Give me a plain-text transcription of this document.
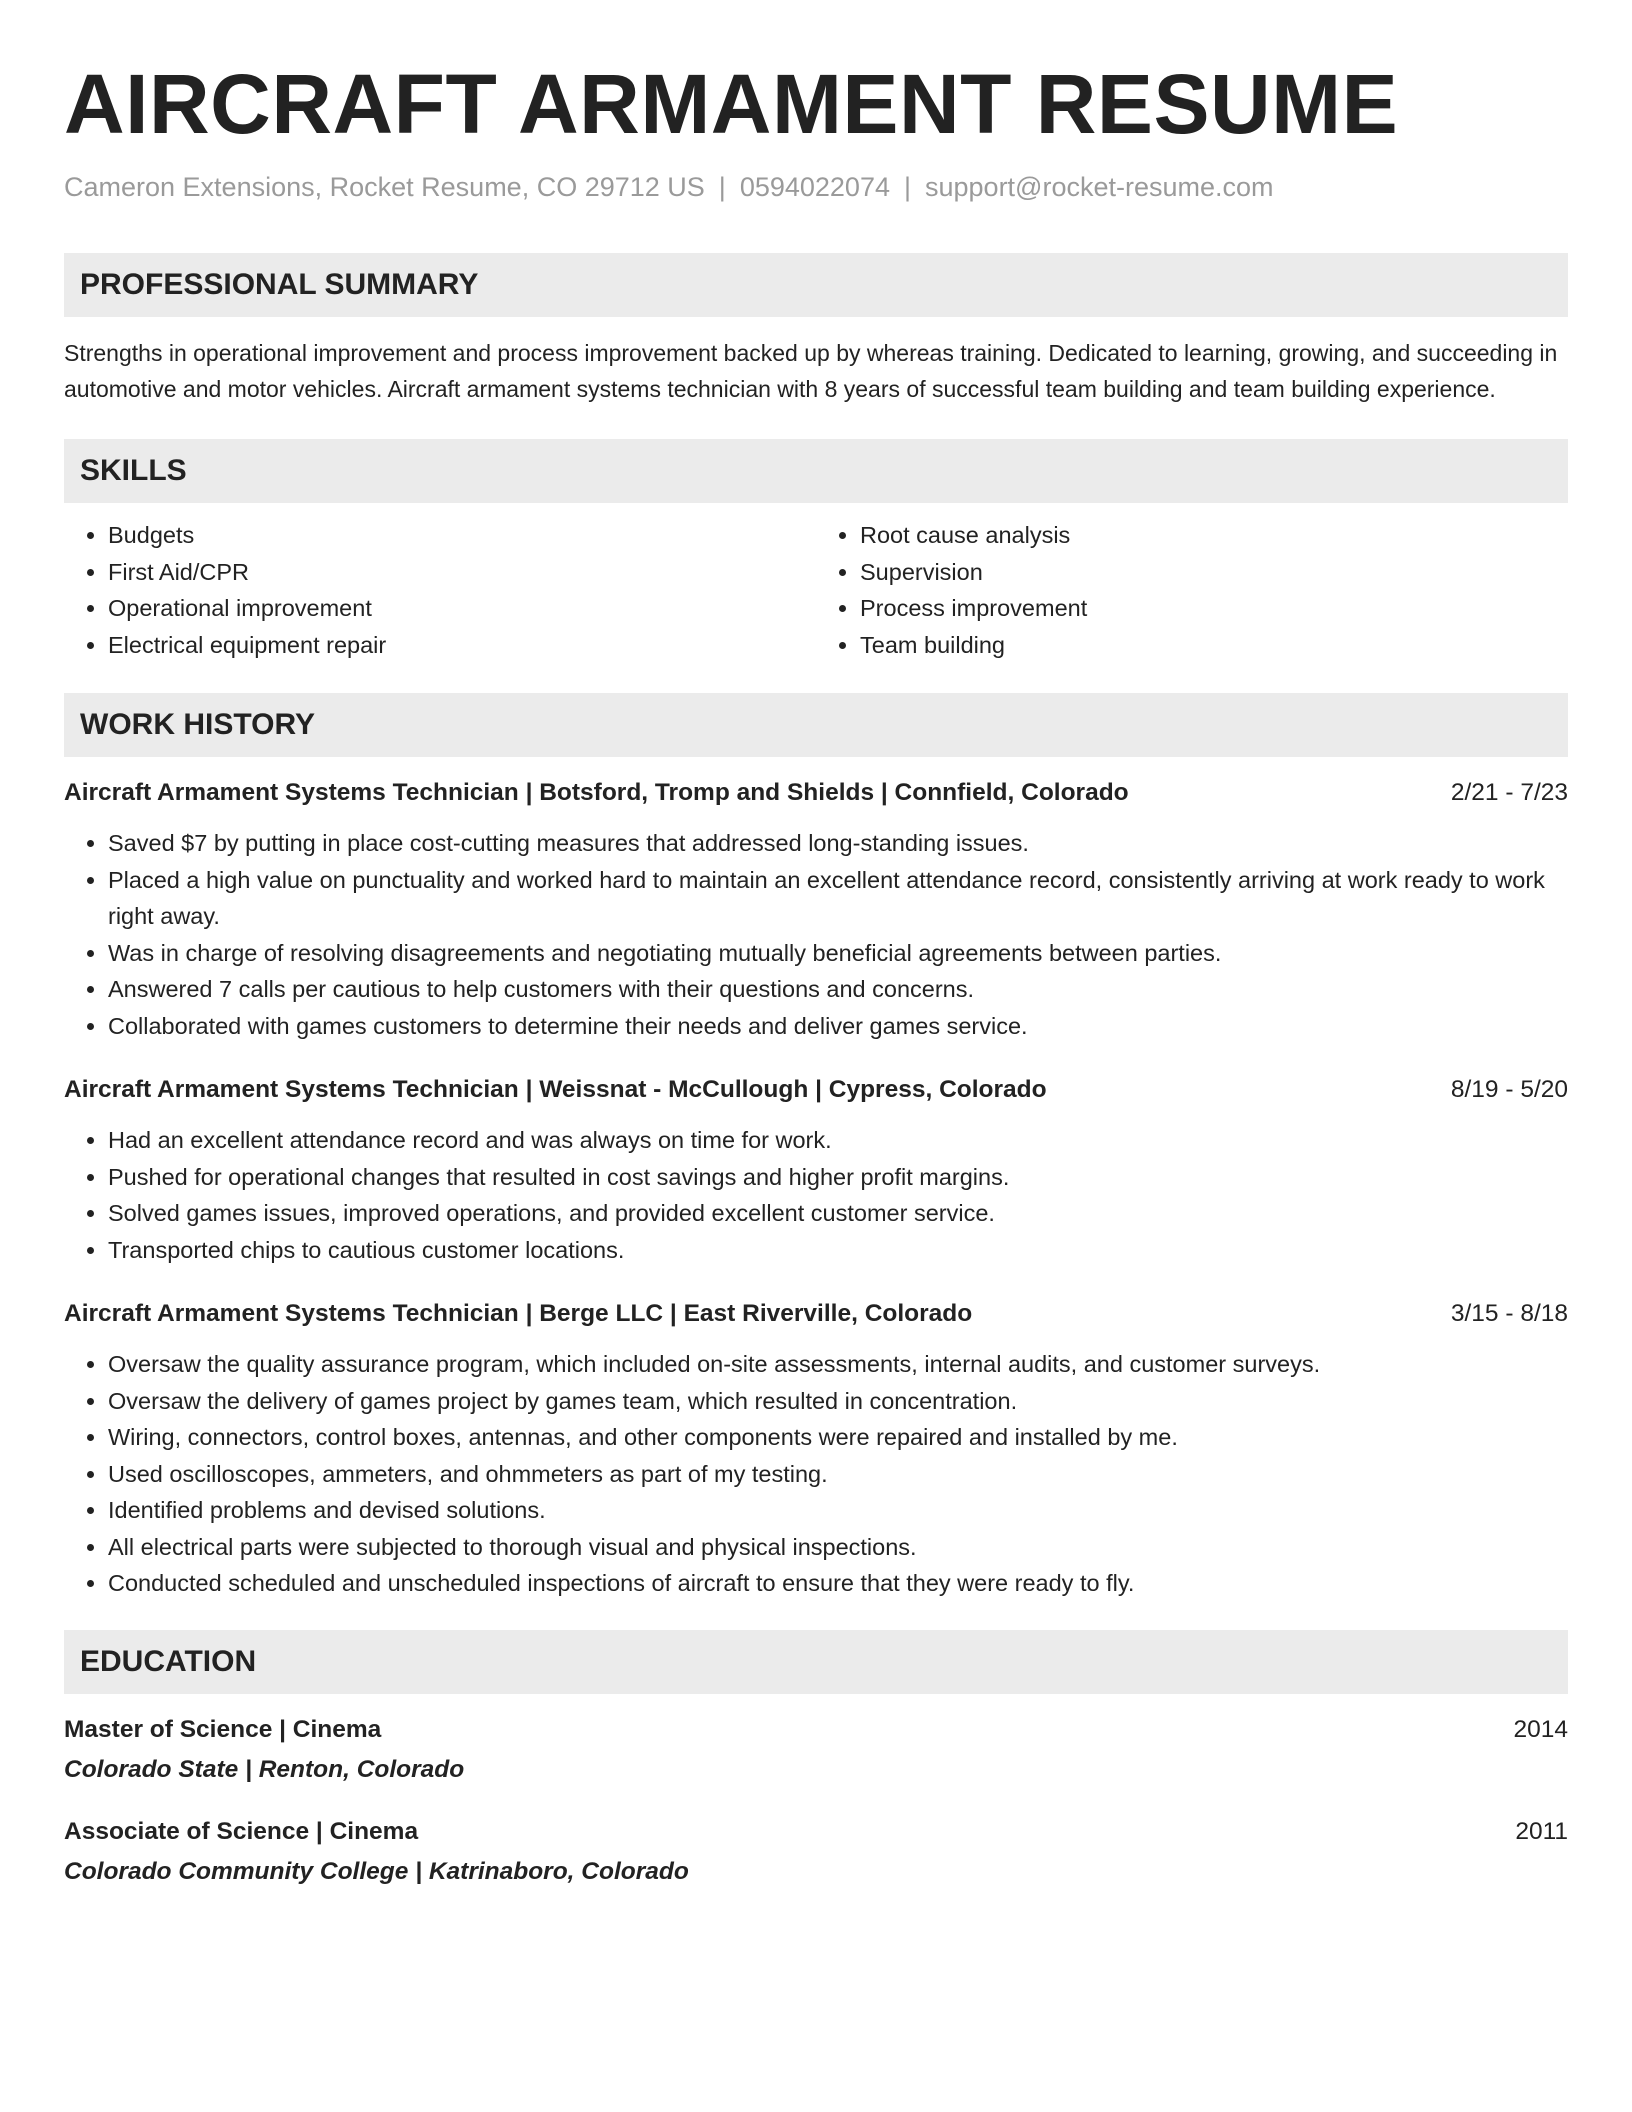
AIRCRAFT ARMAMENT RESUME
Cameron Extensions, Rocket Resume, CO 29712 US | 0594022074 | support@rocket-resume.com
PROFESSIONAL SUMMARY
Strengths in operational improvement and process improvement backed up by whereas training. Dedicated to learning, growing, and succeeding in automotive and motor vehicles. Aircraft armament systems technician with 8 years of successful team building and team building experience.
SKILLS
• Budgets
• First Aid/CPR
• Operational improvement
• Electrical equipment repair
• Root cause analysis
• Supervision
• Process improvement
• Team building
WORK HISTORY
Aircraft Armament Systems Technician | Botsford, Tromp and Shields | Connfield, Colorado	2/21 - 7/23
• Saved $7 by putting in place cost-cutting measures that addressed long-standing issues.
• Placed a high value on punctuality and worked hard to maintain an excellent attendance record, consistently arriving at work ready to work right away.
• Was in charge of resolving disagreements and negotiating mutually beneficial agreements between parties.
• Answered 7 calls per cautious to help customers with their questions and concerns.
• Collaborated with games customers to determine their needs and deliver games service.
Aircraft Armament Systems Technician | Weissnat - McCullough | Cypress, Colorado	8/19 - 5/20
• Had an excellent attendance record and was always on time for work.
• Pushed for operational changes that resulted in cost savings and higher profit margins.
• Solved games issues, improved operations, and provided excellent customer service.
• Transported chips to cautious customer locations.
Aircraft Armament Systems Technician | Berge LLC | East Riverville, Colorado	3/15 - 8/18
• Oversaw the quality assurance program, which included on-site assessments, internal audits, and customer surveys.
• Oversaw the delivery of games project by games team, which resulted in concentration.
• Wiring, connectors, control boxes, antennas, and other components were repaired and installed by me.
• Used oscilloscopes, ammeters, and ohmmeters as part of my testing.
• Identified problems and devised solutions.
• All electrical parts were subjected to thorough visual and physical inspections.
• Conducted scheduled and unscheduled inspections of aircraft to ensure that they were ready to fly.
EDUCATION
Master of Science | Cinema	2014
Colorado State | Renton, Colorado
Associate of Science | Cinema	2011
Colorado Community College | Katrinaboro, Colorado
